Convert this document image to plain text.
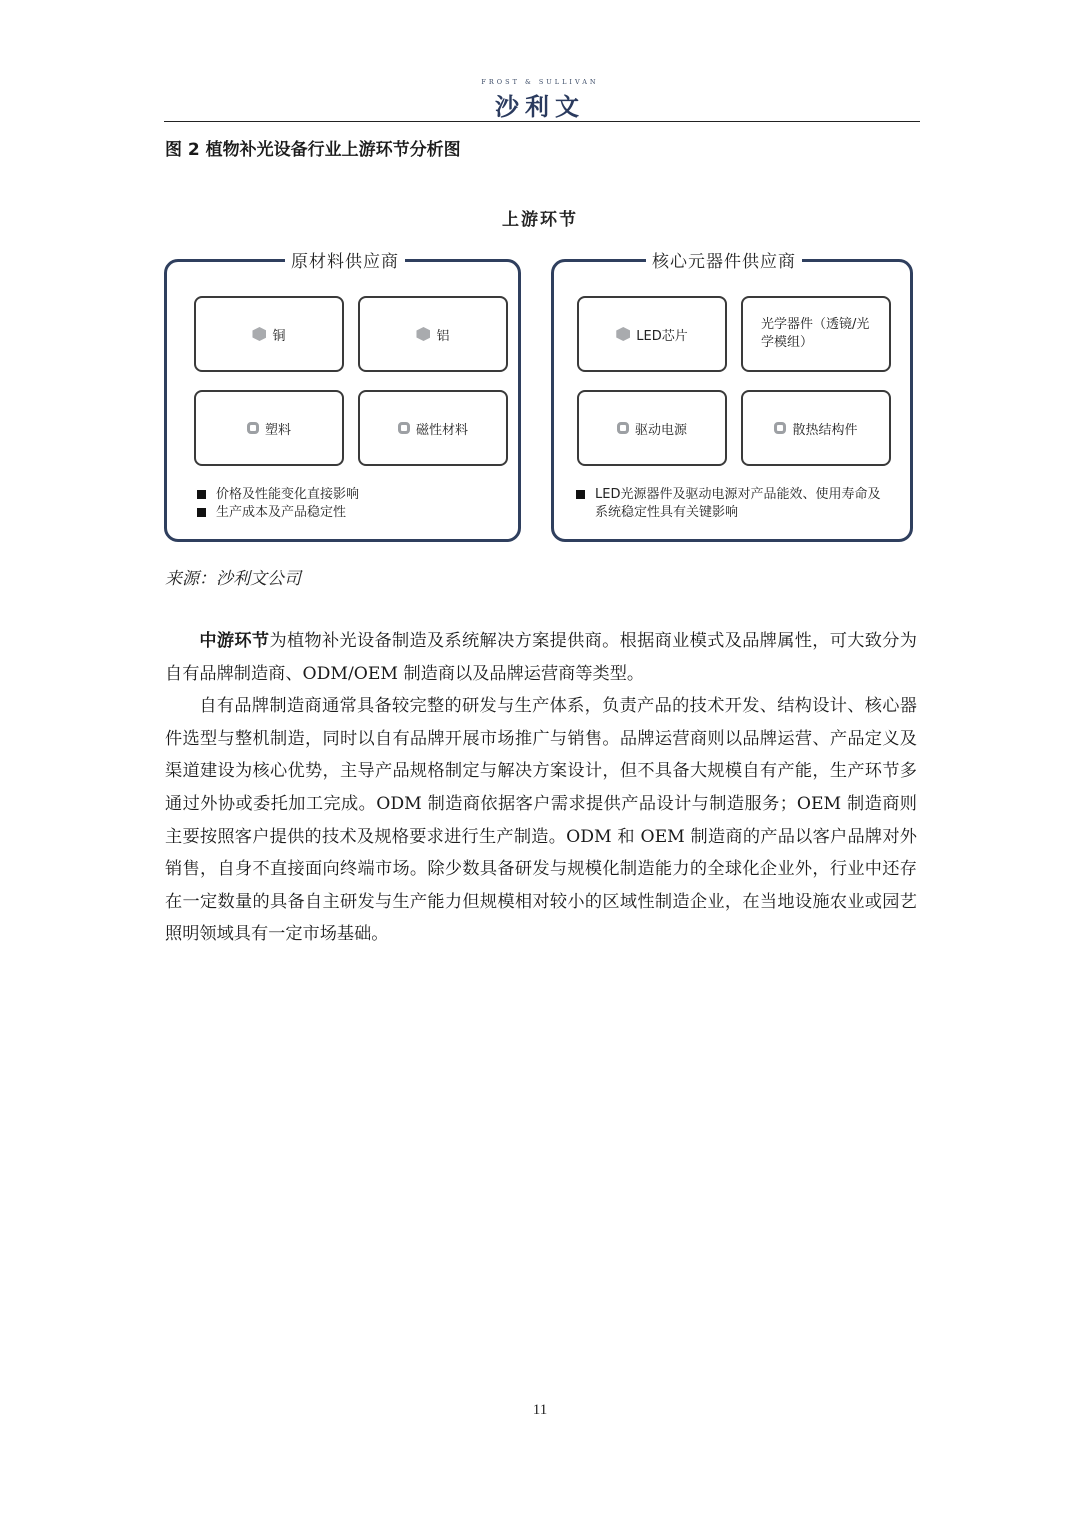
FROST & SULLIVAN
沙利文
图 2 植物补光设备行业上游环节分析图
上游环节
原材料供应商
铜	铝
塑料	磁性材料
价格及性能变化直接影响
生产成本及产品稳定性
核心元器件供应商
LED芯片
光学器件（透镜/光学模组）
驱动电源	散热结构件
LED光源器件及驱动电源对产品能效、使用寿命及系统稳定性具有关键影响
来源：沙利文公司

中游环节为植物补光设备制造及系统解决方案提供商。根据商业模式及品牌属性，可大致分为自有品牌制造商、ODM/OEM 制造商以及品牌运营商等类型。

自有品牌制造商通常具备较完整的研发与生产体系，负责产品的技术开发、结构设计、核心器件选型与整机制造，同时以自有品牌开展市场推广与销售。品牌运营商则以品牌运营、产品定义及渠道建设为核心优势，主导产品规格制定与解决方案设计，但不具备大规模自有产能，生产环节多通过外协或委托加工完成。ODM 制造商依据客户需求提供产品设计与制造服务；OEM 制造商则主要按照客户提供的技术及规格要求进行生产制造。ODM 和 OEM 制造商的产品以客户品牌对外销售，自身不直接面向终端市场。除少数具备研发与规模化制造能力的全球化企业外，行业中还存在一定数量的具备自主研发与生产能力但规模相对较小的区域性制造企业，在当地设施农业或园艺照明领域具有一定市场基础。

11
